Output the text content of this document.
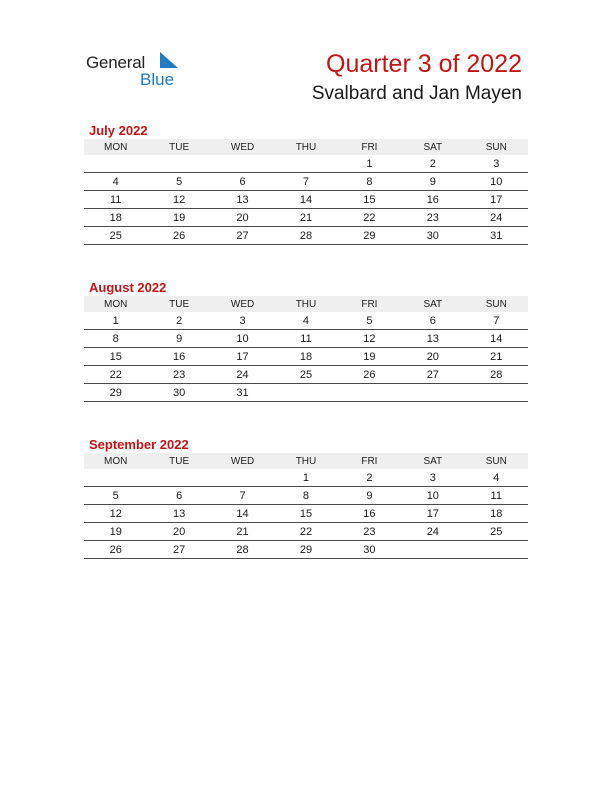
General
Blue
Quarter 3 of 2022
Svalbard and Jan Mayen
July 2022
MON	TUE	WED	THU	FRI	SAT	SUN
				1	2	3
4	5	6	7	8	9	10
11	12	13	14	15	16	17
18	19	20	21	22	23	24
25	26	27	28	29	30	31
August 2022
MON	TUE	WED	THU	FRI	SAT	SUN
1	2	3	4	5	6	7
8	9	10	11	12	13	14
15	16	17	18	19	20	21
22	23	24	25	26	27	28
29	30	31				
September 2022
MON	TUE	WED	THU	FRI	SAT	SUN
			1	2	3	4
5	6	7	8	9	10	11
12	13	14	15	16	17	18
19	20	21	22	23	24	25
26	27	28	29	30		
